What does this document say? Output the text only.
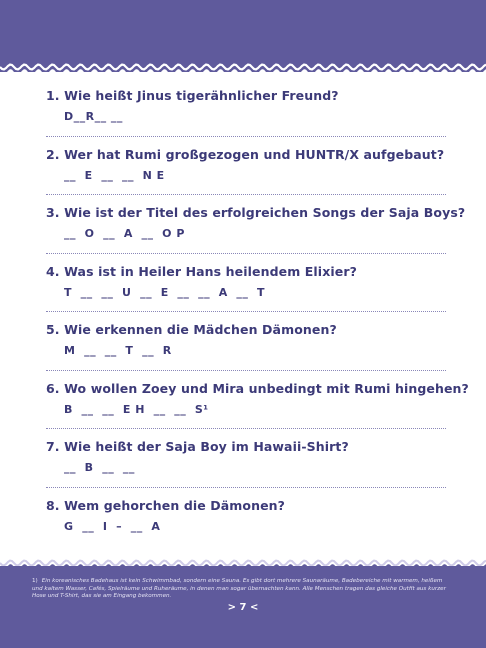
1. Wie heißt Jinus tigerähnlicher Freund?
D__R__ __
2. Wer hat Rumi großgezogen und HUNTR/X aufgebaut?
__  E  __  __  N E
3. Wie ist der Titel des erfolgreichen Songs der Saja Boys?
__  O  __  A  __  O P
4. Was ist in Heiler Hans heilendem Elixier?
T  __  __  U  __  E  __  __  A  __  T
5. Wie erkennen die Mädchen Dämonen?
M  __  __  T  __  R
6. Wo wollen Zoey und Mira unbedingt mit Rumi hingehen?
B  __  __  E H  __  __  S¹
7. Wie heißt der Saja Boy im Hawaii-Shirt?
__  B  __  __
8. Wem gehorchen die Dämonen?
G  __  I  –  __  A
1) Ein koreanisches Badehaus ist kein Schwimmbad, sondern eine Sauna. Es gibt dort mehrere Saunaräume, Badebereiche mit warmem, heißem und kaltem Wasser, Cafés, Spielräume und Ruheräume, in denen man sogar übernachten kann. Alle Menschen tragen das gleiche Outfit aus kurzer Hose und T-Shirt, das sie am Eingang bekommen.
> 7 <
